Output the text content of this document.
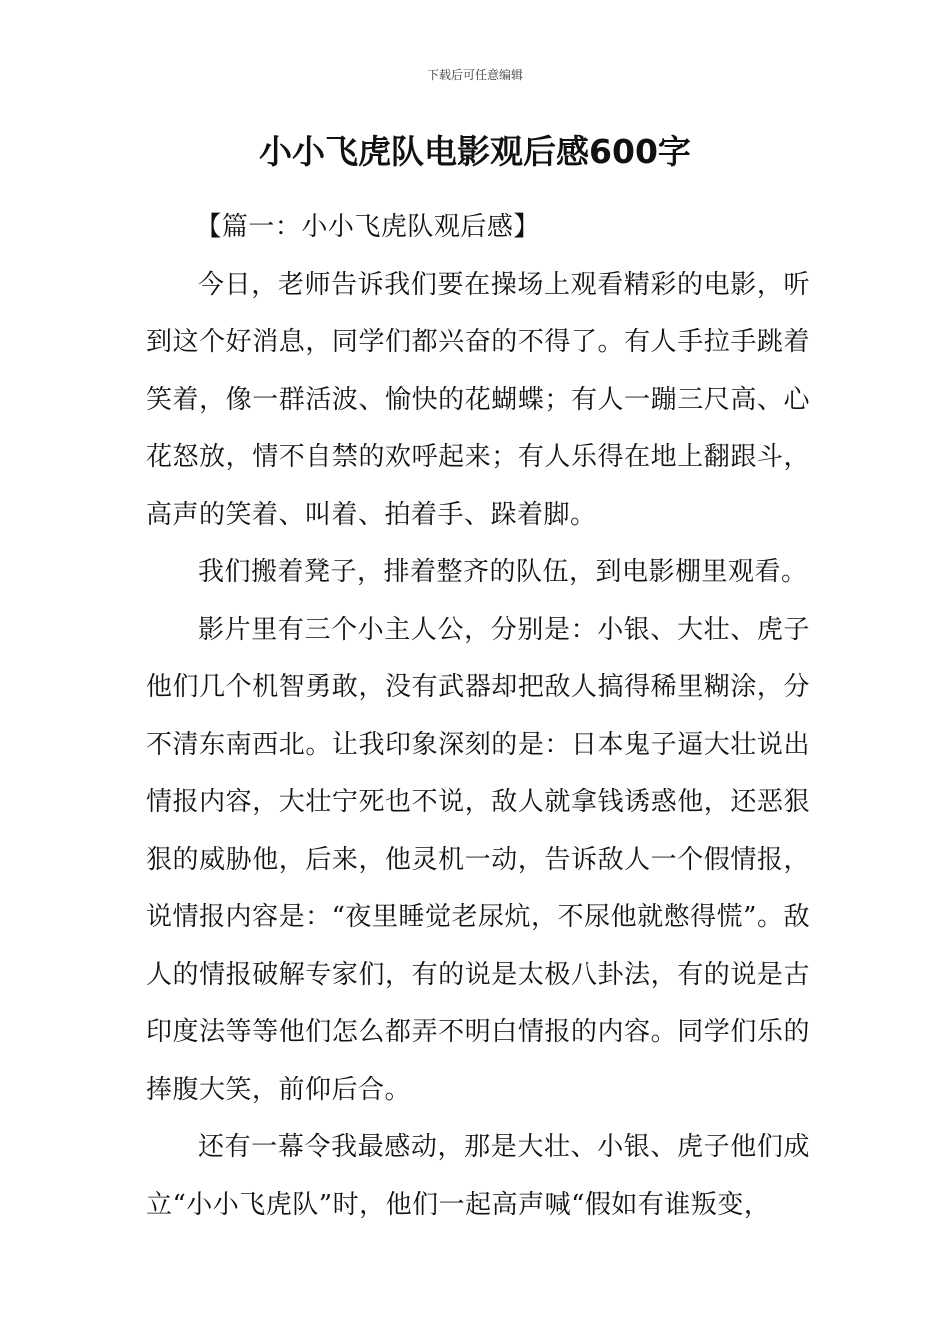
下载后可任意编辑
小小飞虎队电影观后感600字

【篇一：小小飞虎队观后感】

今日，老师告诉我们要在操场上观看精彩的电影，听到这个好消息，同学们都兴奋的不得了。有人手拉手跳着笑着，像一群活波、愉快的花蝴蝶；有人一蹦三尺高、心花怒放，情不自禁的欢呼起来；有人乐得在地上翻跟斗，高声的笑着、叫着、拍着手、跺着脚。

我们搬着凳子，排着整齐的队伍，到电影棚里观看。

影片里有三个小主人公，分别是：小银、大壮、虎子他们几个机智勇敢，没有武器却把敌人搞得稀里糊涂，分不清东南西北。让我印象深刻的是：日本鬼子逼大壮说出情报内容，大壮宁死也不说，敌人就拿钱诱惑他，还恶狠狠的威胁他，后来，他灵机一动，告诉敌人一个假情报，说情报内容是：“夜里睡觉老尿炕，不尿他就憋得慌”。敌人的情报破解专家们，有的说是太极八卦法，有的说是古印度法等等他们怎么都弄不明白情报的内容。同学们乐的捧腹大笑，前仰后合。

还有一幕令我最感动，那是大壮、小银、虎子他们成立“小小飞虎队”时，他们一起高声喊“假如有谁叛变，
